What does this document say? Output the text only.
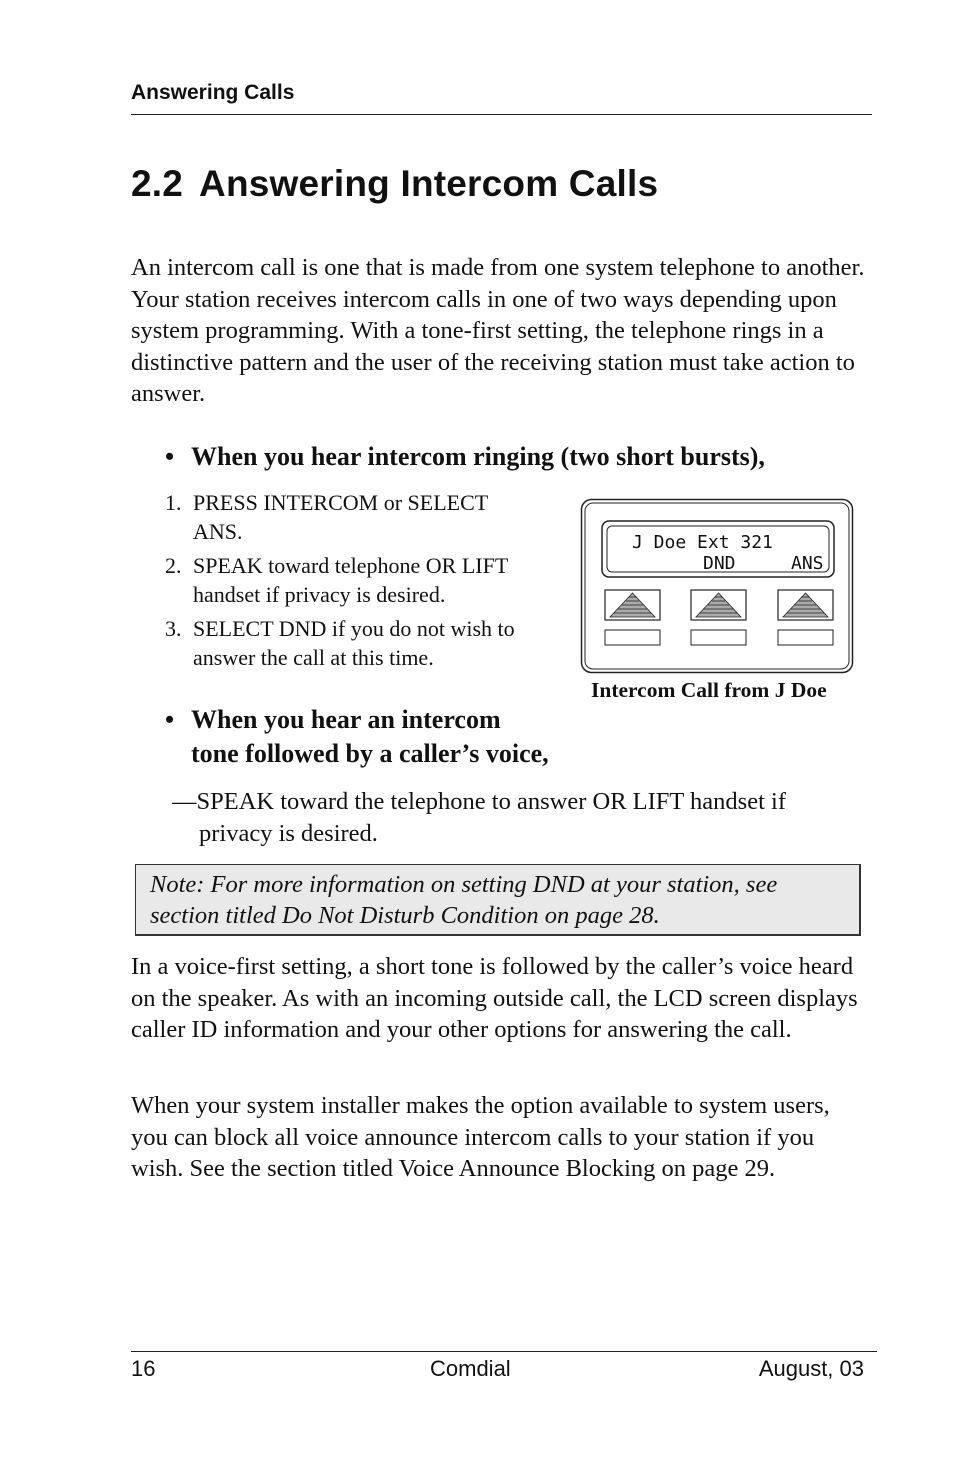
Answering Calls
2.2 Answering Intercom Calls

An intercom call is one that is made from one system telephone to another. Your station receives intercom calls in one of two ways depending upon system programming. With a tone-first setting, the telephone rings in a distinctive pattern and the user of the receiving station must take action to answer.

• When you hear intercom ringing (two short bursts),

1. PRESS INTERCOM or SELECT
ANS.
2. SPEAK toward telephone OR LIFT
handset if privacy is desired.
3. SELECT DND if you do not wish to
answer the call at this time.
J Doe Ext 321
DND	ANS
Intercom Call from J Doe

• When you hear an intercom
tone followed by a caller’s voice,

—SPEAK toward the telephone to answer OR LIFT handset if
privacy is desired.

Note: For more information on setting DND at your station, see section titled Do Not Disturb Condition on page 28.

In a voice-first setting, a short tone is followed by the caller’s voice heard on the speaker. As with an incoming outside call, the LCD screen displays caller ID information and your other options for answering the call.

When your system installer makes the option available to system users, you can block all voice announce intercom calls to your station if you wish. See the section titled Voice Announce Blocking on page 29.

16	Comdial	August, 03
